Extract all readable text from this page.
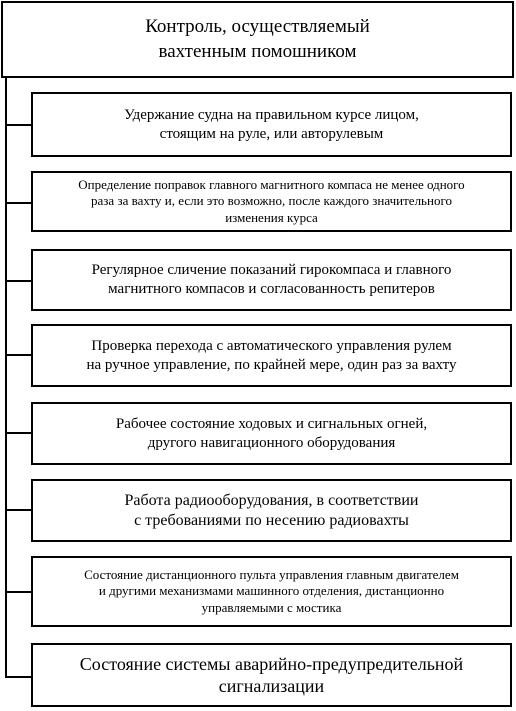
Контроль, осуществляемый
вахтенным помошником
Удержание судна на правильном курсе лицом,
стоящим на руле, или авторулевым
Определение поправок главного магнитного компаса не менее одного
раза за вахту и, если это возможно, после каждого значительного
изменения курса
Регулярное сличение показаний гирокомпаса и главного
магнитного компасов и согласованность репитеров
Проверка перехода с автоматического управления рулем
на ручное управление, по крайней мере, один раз за вахту
Рабочее состояние ходовых и сигнальных огней,
другого навигационного оборудования
Работа радиооборудования, в соответствии
с требованиями по несению радиовахты
Состояние дистанционного пульта управления главным двигателем
и другими механизмами машинного отделения, дистанционно
управляемыми с мостика
Состояние системы аварийно-предупредительной
сигнализации
